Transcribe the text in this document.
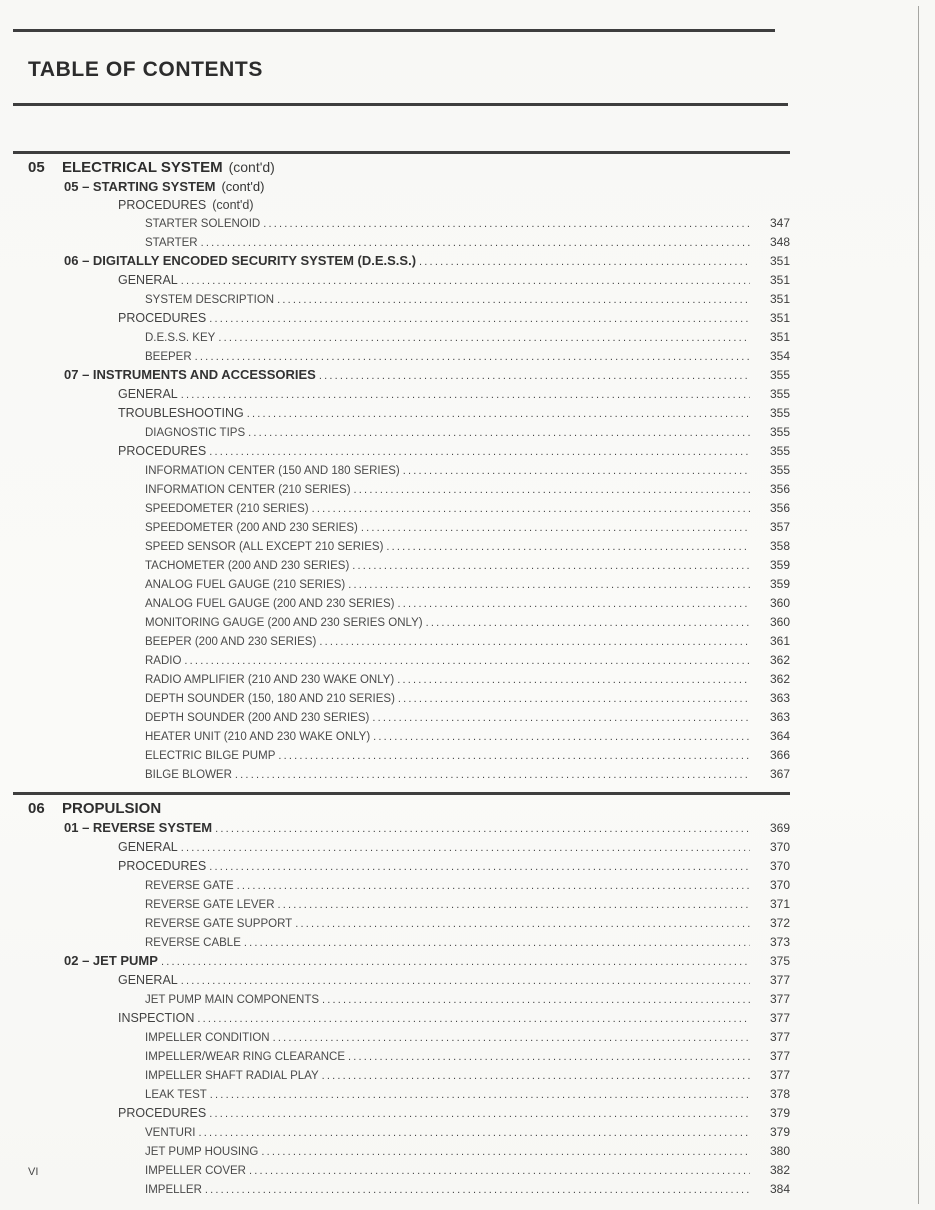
TABLE OF CONTENTS
05	ELECTRICAL SYSTEM (cont'd)
05 – STARTING SYSTEM (cont'd)
PROCEDURES (cont'd)
STARTER SOLENOID .....	347
STARTER .....	348
06 – DIGITALLY ENCODED SECURITY SYSTEM (D.E.S.S.) .....	351
GENERAL .....	351
SYSTEM DESCRIPTION .....	351
PROCEDURES .....	351
D.E.S.S. KEY .....	351
BEEPER .....	354
07 – INSTRUMENTS AND ACCESSORIES .....	355
GENERAL .....	355
TROUBLESHOOTING .....	355
DIAGNOSTIC TIPS .....	355
PROCEDURES .....	355
INFORMATION CENTER (150 AND 180 SERIES) .....	355
INFORMATION CENTER (210 SERIES) .....	356
SPEEDOMETER (210 SERIES) .....	356
SPEEDOMETER (200 AND 230 SERIES) .....	357
SPEED SENSOR (ALL EXCEPT 210 SERIES) .....	358
TACHOMETER (200 AND 230 SERIES) .....	359
ANALOG FUEL GAUGE (210 SERIES) .....	359
ANALOG FUEL GAUGE (200 AND 230 SERIES) .....	360
MONITORING GAUGE (200 AND 230 SERIES ONLY) .....	360
BEEPER (200 AND 230 SERIES) .....	361
RADIO .....	362
RADIO AMPLIFIER (210 AND 230 WAKE ONLY) .....	362
DEPTH SOUNDER (150, 180 AND 210 SERIES) .....	363
DEPTH SOUNDER (200 AND 230 SERIES) .....	363
HEATER UNIT (210 AND 230 WAKE ONLY) .....	364
ELECTRIC BILGE PUMP .....	366
BILGE BLOWER .....	367
06	PROPULSION
01 – REVERSE SYSTEM .....	369
GENERAL .....	370
PROCEDURES .....	370
REVERSE GATE .....	370
REVERSE GATE LEVER .....	371
REVERSE GATE SUPPORT .....	372
REVERSE CABLE .....	373
02 – JET PUMP .....	375
GENERAL .....	377
JET PUMP MAIN COMPONENTS .....	377
INSPECTION .....	377
IMPELLER CONDITION .....	377
IMPELLER/WEAR RING CLEARANCE .....	377
IMPELLER SHAFT RADIAL PLAY .....	377
LEAK TEST .....	378
PROCEDURES .....	379
VENTURI .....	379
JET PUMP HOUSING .....	380
IMPELLER COVER .....	382
IMPELLER .....	384
VI
